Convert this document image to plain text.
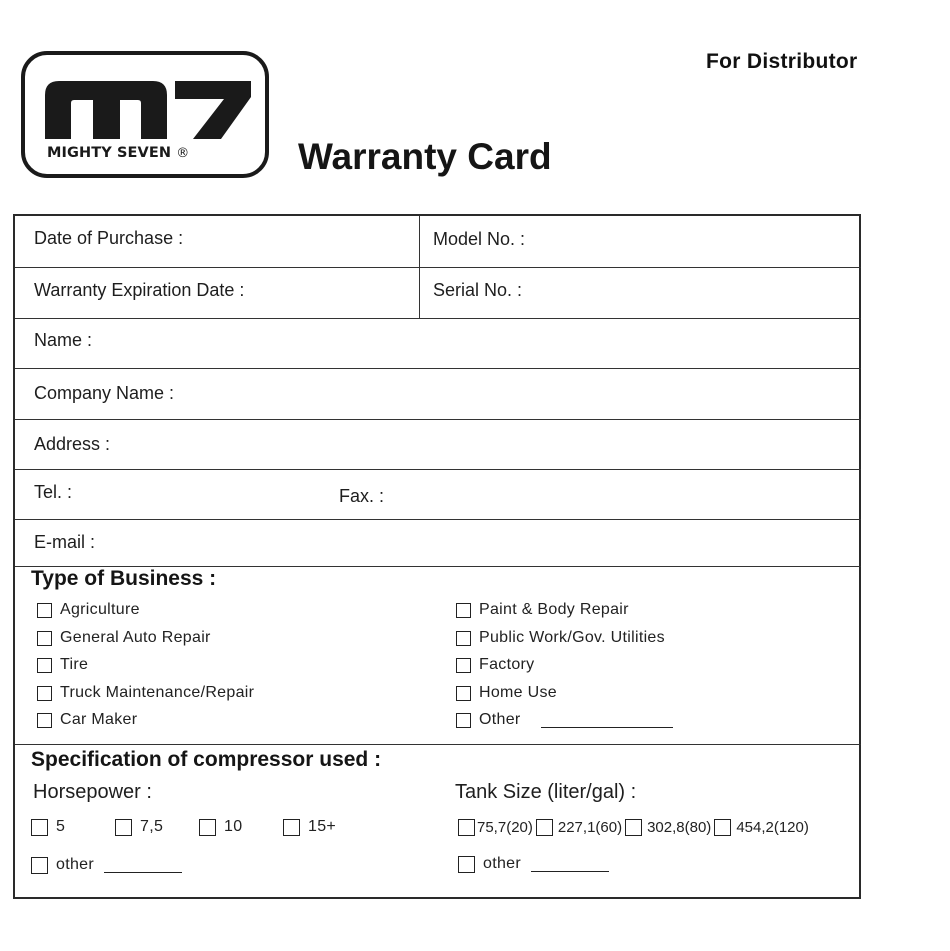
For Distributor
MIGHTY SEVEN ®	Warranty Card
Date of Purchase :	Model No. :
Warranty Expiration Date :	Serial No. :
Name :
Company Name :
Address :
Tel. :	Fax. :
E-mail :
Type of Business :
Agriculture
General Auto Repair
Tire
Truck Maintenance/Repair
Car Maker
Paint & Body Repair
Public Work/Gov. Utilities
Factory
Home Use
Other
Specification of compressor used :
Horsepower :	Tank Size (liter/gal) :
5	7,5	10	15+	75,7(20) 227,1(60) 302,8(80) 454,2(120)
other	other
